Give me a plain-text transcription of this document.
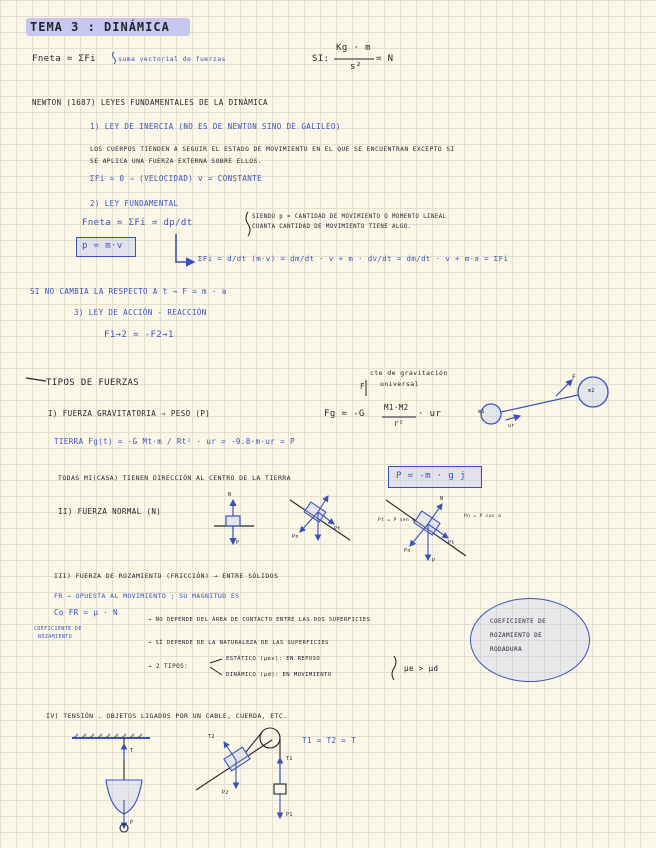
TEMA 3 : DINÁMICA
Fneta = ΣFi	suma vectorial de fuerzas	SI:
Kg · m
s²
= N
NEWTON (1687) LEYES FUNDAMENTALES DE LA DINÁMICA
1) LEY DE INERCIA (NO ES DE NEWTON SINO DE GALILEO)
LOS CUERPOS TIENDEN A SEGUIR EL ESTADO DE MOVIMIENTO EN EL QUE SE ENCUENTRAN EXCEPTO SI
SE APLICA UNA FUERZA EXTERNA SOBRE ELLOS.
ΣFi = 0 ⇒ (VELOCIDAD) v = CONSTANTE
2) LEY FUNDAMENTAL
Fneta = ΣFi = dp/dt
SIENDO p = CANTIDAD DE MOVIMIENTO O MOMENTO LINEAL
CUANTA CANTIDAD DE MOVIMIENTO TIENE ALGO.
p = m·v
ΣFi = d/dt (m·v) = dm/dt · v + m · dv/dt = dm/dt · v + m·a = ΣFi
SI NO CAMBIA LA RESPECTO A t → F = m · a
3) LEY DE ACCIÓN - REACCIÓN
F1→2 = -F2→1
TIPOS DE FUERZAS
cte de gravitación
universal
F
I) FUERZA GRAVITATORIA ⇒ PESO (P)	Fg = -G
M1·M2
r²
· ur
TIERRA Fg(t) = -G Mt·m / Rt² · ur = -9.8·m·ur = P
TODAS MI(CASA) TIENEN DIRECCIÓN AL CENTRO DE LA TIERRA	P = -m · g j
II) FUERZA NORMAL (N)
III) FUERZA DE ROZAMIENTO (FRICCIÓN) → ENTRE SÓLIDOS
FR → OPUESTA AL MOVIMIENTO ; SU MAGNITUD ES
Co FR = μ · N
COEFICIENTE DE
ROZAMIENTO
→ NO DEPENDE DEL ÁREA DE CONTACTO ENTRE LAS DOS SUPERFICIES
→ SÍ DEPENDE DE LA NATURALEZA DE LAS SUPERFICIES
→ 2 TIPOS:
ESTÁTICO (μes): EN REPOSO
DINÁMICO (μd): EN MOVIMIENTO
μe > μd
COEFICIENTE DE
ROZAMIENTO DE
RODADURA
IV) TENSIÓN . OBJETOS LIGADOS POR UN CABLE, CUERDA, ETC.
T1 = T2 = T
m1
ur
m2
F
N
P
Pn
Pt
N
P
Pn
Pt
Pt = P sen α
Pn = P cos α
T
P
T2
T1
P1
P2
